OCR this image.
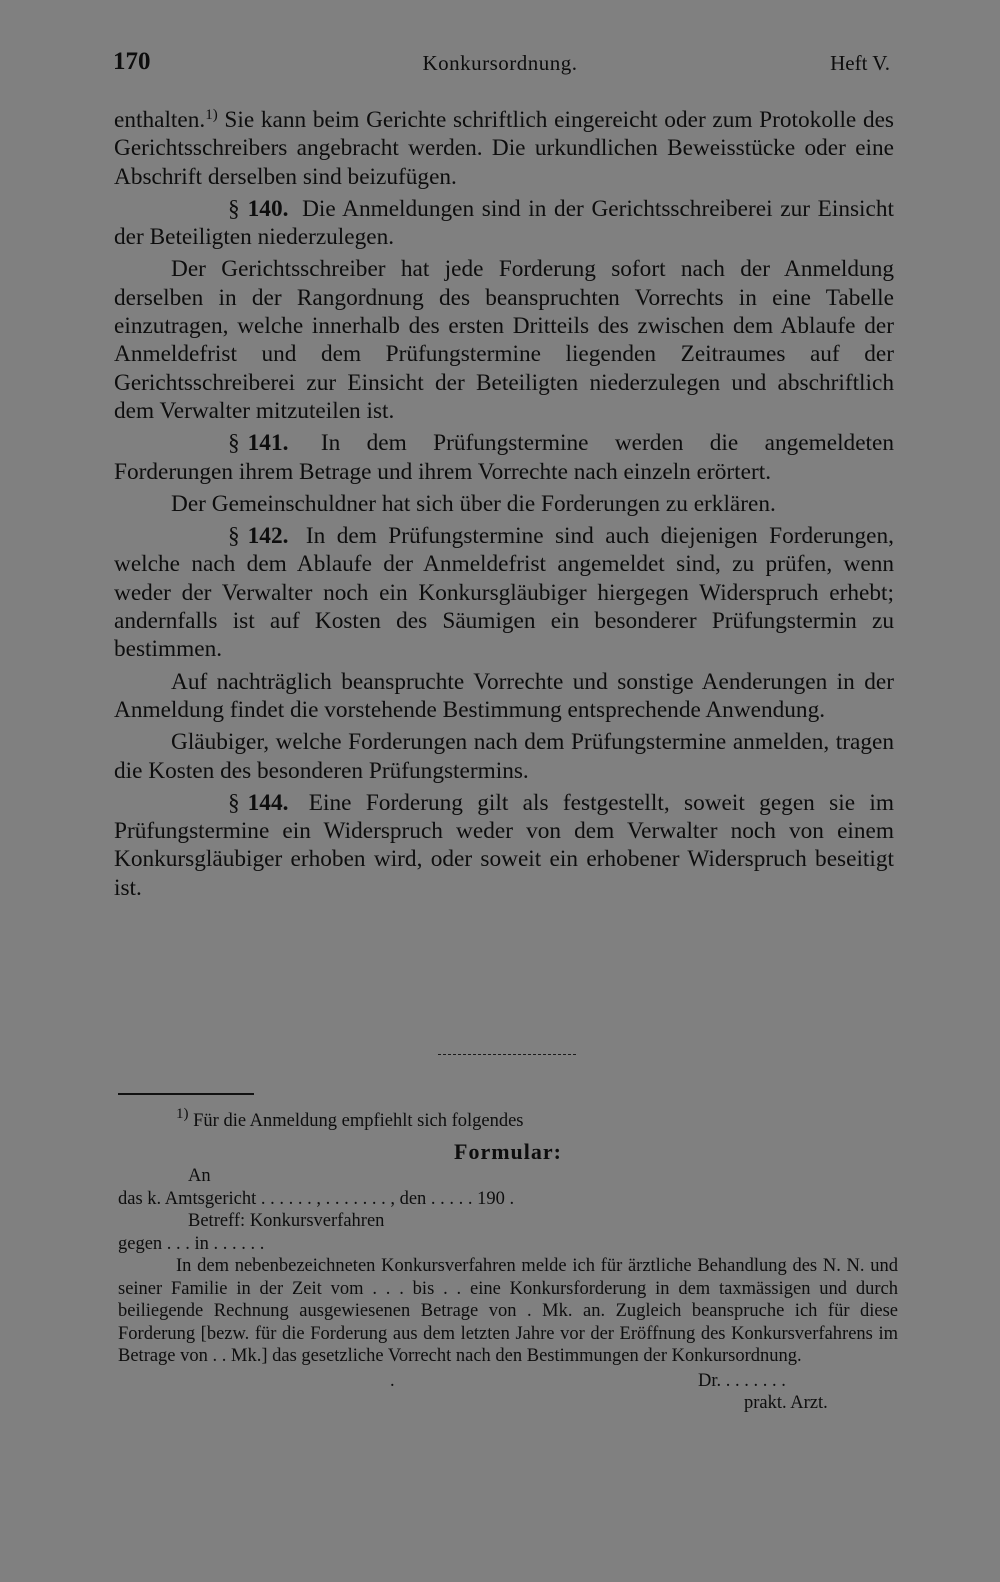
170	Konkursordnung.	Heft V.

enthalten.$^{1)}$ Sie kann beim Gerichte schriftlich eingereicht oder zum Protokolle des Gerichtsschreibers angebracht werden. Die urkundlichen Beweisstücke oder eine Abschrift derselben sind beizufügen.

§ 140. Die Anmeldungen sind in der Gerichtsschreiberei zur Einsicht der Beteiligten niederzulegen.

Der Gerichtsschreiber hat jede Forderung sofort nach der Anmeldung derselben in der Rangordnung des beanspruchten Vorrechts in eine Tabelle einzutragen, welche innerhalb des ersten Dritteils des zwischen dem Ablaufe der Anmeldefrist und dem Prüfungstermine liegenden Zeitraumes auf der Gerichtsschreiberei zur Einsicht der Beteiligten niederzulegen und abschriftlich dem Verwalter mitzuteilen ist.

§ 141. In dem Prüfungstermine werden die angemeldeten Forderungen ihrem Betrage und ihrem Vorrechte nach einzeln erörtert.

Der Gemeinschuldner hat sich über die Forderungen zu erklären.

§ 142. In dem Prüfungstermine sind auch diejenigen Forderungen, welche nach dem Ablaufe der Anmeldefrist angemeldet sind, zu prüfen, wenn weder der Verwalter noch ein Konkursgläubiger hiergegen Widerspruch erhebt; andernfalls ist auf Kosten des Säumigen ein besonderer Prüfungstermin zu bestimmen.

Auf nachträglich beanspruchte Vorrechte und sonstige Aenderungen in der Anmeldung findet die vorstehende Bestimmung entsprechende Anwendung.

Gläubiger, welche Forderungen nach dem Prüfungstermine anmelden, tragen die Kosten des besonderen Prüfungstermins.

§ 144. Eine Forderung gilt als festgestellt, soweit gegen sie im Prüfungstermine ein Widerspruch weder von dem Verwalter noch von einem Konkursgläubiger erhoben wird, oder soweit ein erhobener Widerspruch beseitigt ist.

$^{1)}$ Für die Anmeldung empfiehlt sich folgendes
Formular:
An
das k. Amtsgericht . . . . . . , . . . . . . . , den . . . . . 190 .
Betreff: Konkursverfahren
gegen . . . in . . . . . .

In dem nebenbezeichneten Konkursverfahren melde ich für ärztliche Behandlung des N. N. und seiner Familie in der Zeit vom . . . bis . . eine Konkursforderung in dem taxmässigen und durch beiliegende Rechnung ausgewiesenen Betrage von . Mk. an. Zugleich beanspruche ich für diese Forderung [bezw. für die Forderung aus dem letzten Jahre vor der Eröffnung des Konkursverfahrens im Betrage von . . Mk.] das gesetzliche Vorrecht nach den Bestimmungen der Konkursordnung.

.	Dr. . . . . . . .
prakt. Arzt.
